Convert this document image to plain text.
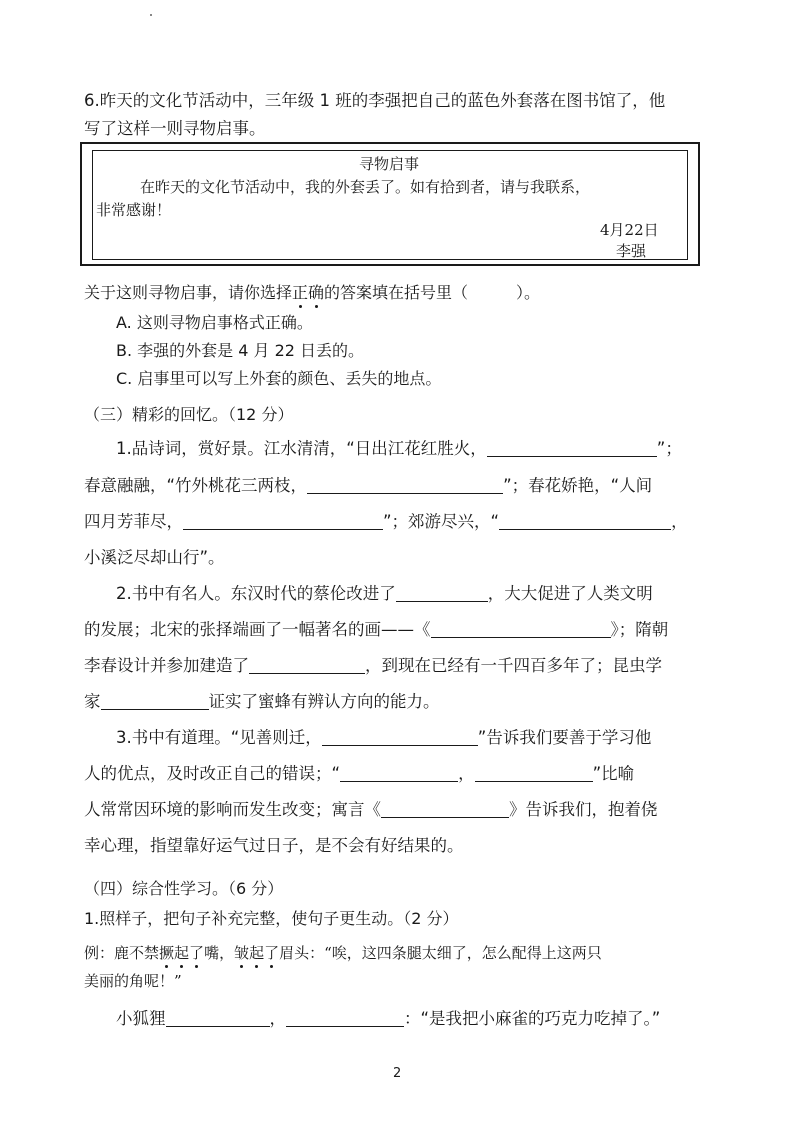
6.昨天的文化节活动中，三年级 1 班的李强把自己的蓝色外套落在图书馆了，他
写了这样一则寻物启事。
寻物启事
在昨天的文化节活动中，我的外套丢了。如有拾到者，请与我联系，
非常感谢！
4月22日
李强
关于这则寻物启事，请你选择正确的答案填在括号里（　　　）。
A. 这则寻物启事格式正确。
B. 李强的外套是 4 月 22 日丢的。
C. 启事里可以写上外套的颜色、丢失的地点。
（三）精彩的回忆。（12 分）
1.品诗词，赏好景。江水清清，“日出江花红胜火，	”；
春意融融，“竹外桃花三两枝，	”；春花娇艳，“人间
四月芳菲尽，	”；郊游尽兴，“	，
小溪泛尽却山行”。
2.书中有名人。东汉时代的蔡伦改进了	，大大促进了人类文明
的发展；北宋的张择端画了一幅著名的画——《	》；隋朝
李春设计并参加建造了	，到现在已经有一千四百多年了；昆虫学
家	证实了蜜蜂有辨认方向的能力。
3.书中有道理。“见善则迁，	”告诉我们要善于学习他
人的优点，及时改正自己的错误；“	，	”比喻
人常常因环境的影响而发生改变；寓言《	》告诉我们，抱着侥
幸心理，指望靠好运气过日子，是不会有好结果的。
（四）综合性学习。（6 分）
1.照样子，把句子补充完整，使句子更生动。（2 分）
例：鹿不禁撅起了嘴，皱起了眉头：“唉，这四条腿太细了，怎么配得上这两只
美丽的角呢！”
小狐狸	，	：“是我把小麻雀的巧克力吃掉了。”
2
